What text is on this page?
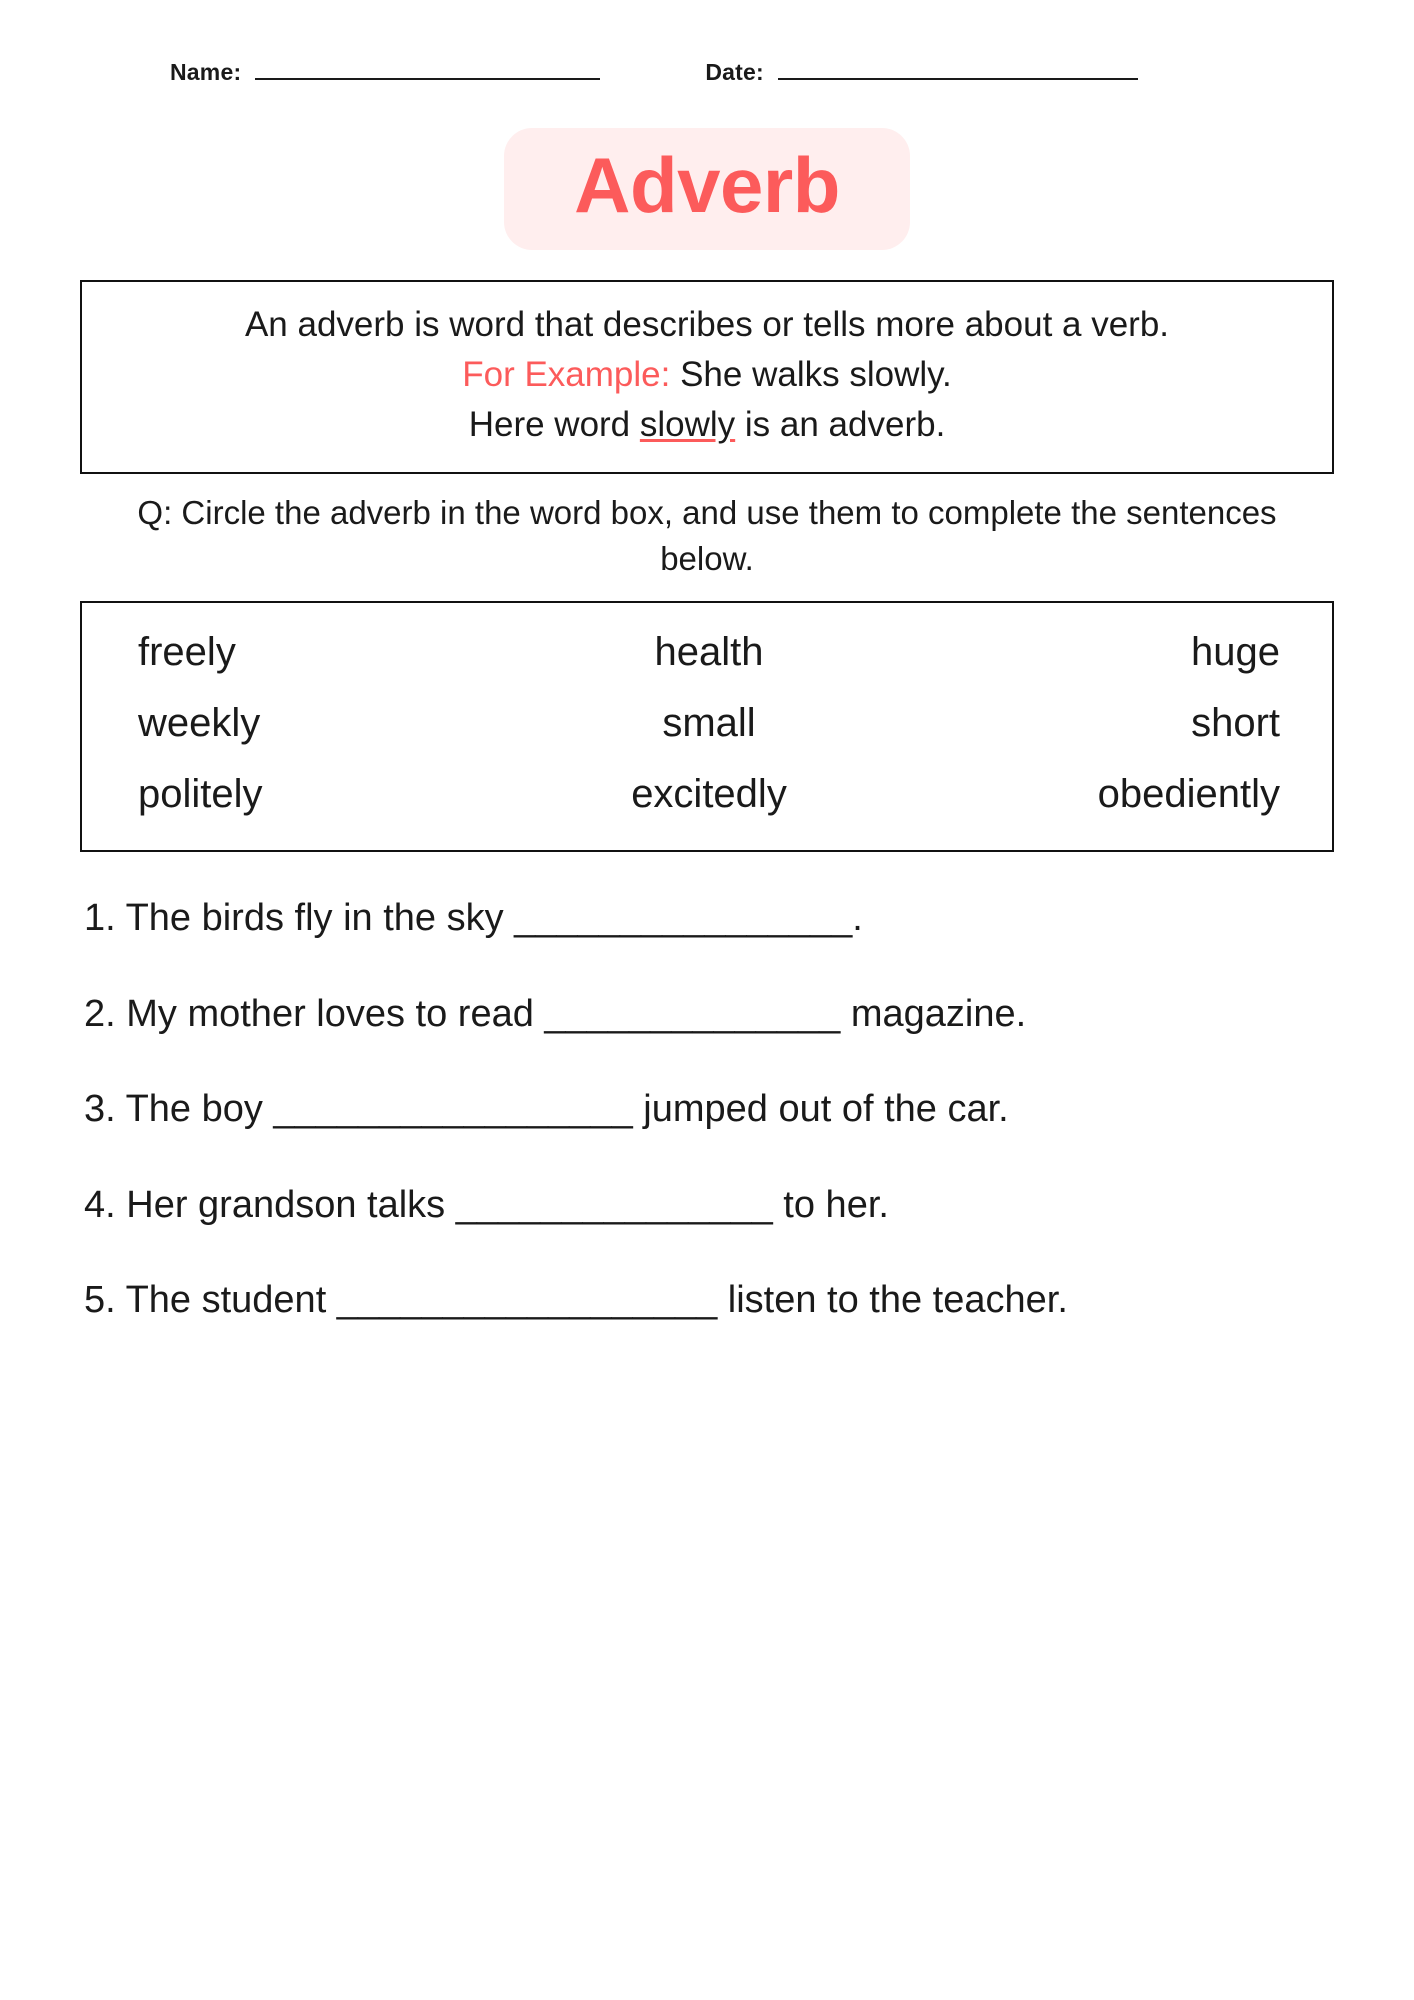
Name:	Date:
Adverb
An adverb is word that describes or tells more about a verb.
For Example: She walks slowly.
Here word slowly is an adverb.
Q: Circle the adverb in the word box, and use them to complete the sentences below.
freely	health	huge
weekly	small	short
politely	excitedly	obediently
1. The birds fly in the sky ________________.
2. My mother loves to read ______________ magazine.
3. The boy _________________ jumped out of the car.
4. Her grandson talks _______________ to her.
5. The student __________________ listen to the teacher.
